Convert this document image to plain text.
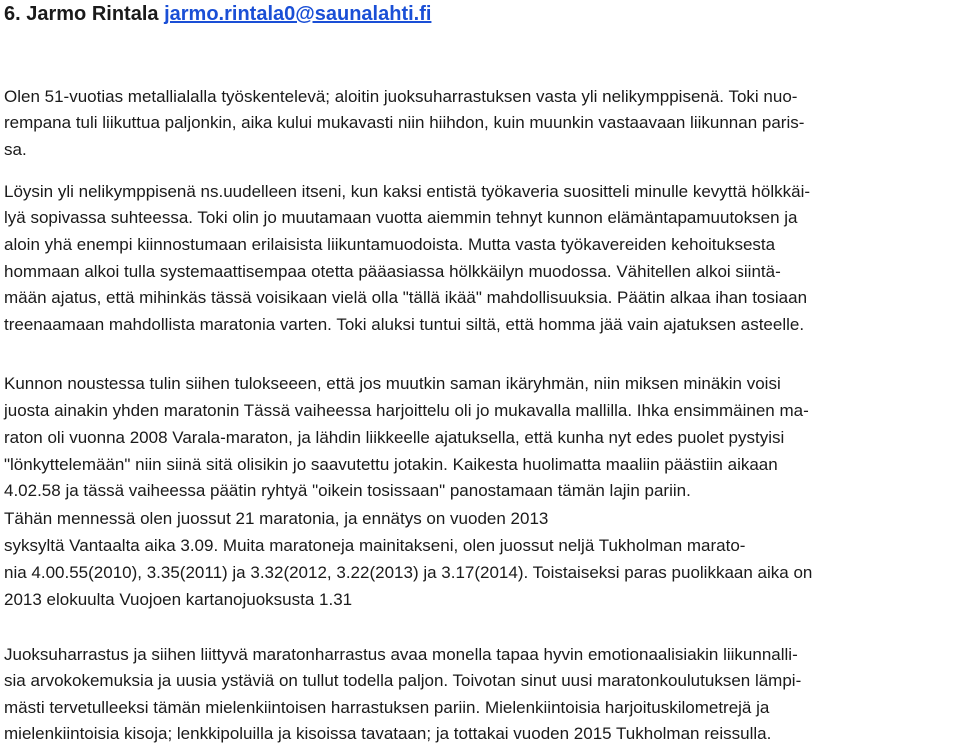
6. Jarmo Rintala jarmo.rintala0@saunalahti.fi
Olen 51-vuotias metallialalla työskentelevä; aloitin juoksuharrastuksen vasta yli nelikymppisenä. Toki nuo-
rempana tuli liikuttua paljonkin, aika kului mukavasti niin hiihdon, kuin muunkin vastaavaan liikunnan paris-
sa.
Löysin yli nelikymppisenä ns.uudelleen itseni, kun kaksi entistä työkaveria suositteli minulle kevyttä hölkkäi-
lyä sopivassa suhteessa. Toki olin jo muutamaan vuotta aiemmin tehnyt kunnon elämäntapamuutoksen ja
aloin yhä enempi kiinnostumaan erilaisista liikuntamuodoista. Mutta vasta työkavereiden kehoituksesta
hommaan alkoi tulla systemaattisempaa otetta pääasiassa hölkkäilyn muodossa. Vähitellen alkoi siintä-
mään ajatus, että mihinkäs tässä voisikaan vielä olla "tällä ikää" mahdollisuuksia. Päätin alkaa ihan tosiaan
treenaamaan mahdollista maratonia varten. Toki aluksi tuntui siltä, että homma jää vain ajatuksen asteelle.
Kunnon noustessa tulin siihen tulokseeen, että jos muutkin saman ikäryhmän, niin miksen minäkin voisi
juosta ainakin yhden maratonin Tässä vaiheessa harjoittelu oli jo mukavalla mallilla. Ihka ensimmäinen ma-
raton oli vuonna 2008 Varala-maraton, ja lähdin liikkeelle ajatuksella, että kunha nyt edes puolet pystyisi
"lönkyttelemään" niin siinä sitä olisikin jo saavutettu jotakin. Kaikesta huolimatta maaliin päästiin aikaan
4.02.58 ja tässä vaiheessa päätin ryhtyä "oikein tosissaan" panostamaan tämän lajin pariin.
Tähän mennessä olen juossut 21 maratonia, ja ennätys on vuoden 2013
syksyltä Vantaalta aika 3.09. Muita maratoneja mainitakseni, olen juossut neljä Tukholman marato-
nia 4.00.55(2010), 3.35(2011) ja 3.32(2012, 3.22(2013) ja 3.17(2014). Toistaiseksi paras puolikkaan aika on
2013 elokuulta Vuojoen kartanojuoksusta 1.31
Juoksuharrastus ja siihen liittyvä maratonharrastus avaa monella tapaa hyvin emotionaalisiakin liikunnalli-
sia arvokokemuksia ja uusia ystäviä on tullut todella paljon. Toivotan sinut uusi maratonkoulutuksen lämpi-
mästi tervetulleeksi tämän mielenkiintoisen harrastuksen pariin. Mielenkiintoisia harjoituskilometrejä ja
mielenkiintoisia kisoja; lenkkipoluilla ja kisoissa tavataan; ja tottakai vuoden 2015 Tukholman reissulla.
